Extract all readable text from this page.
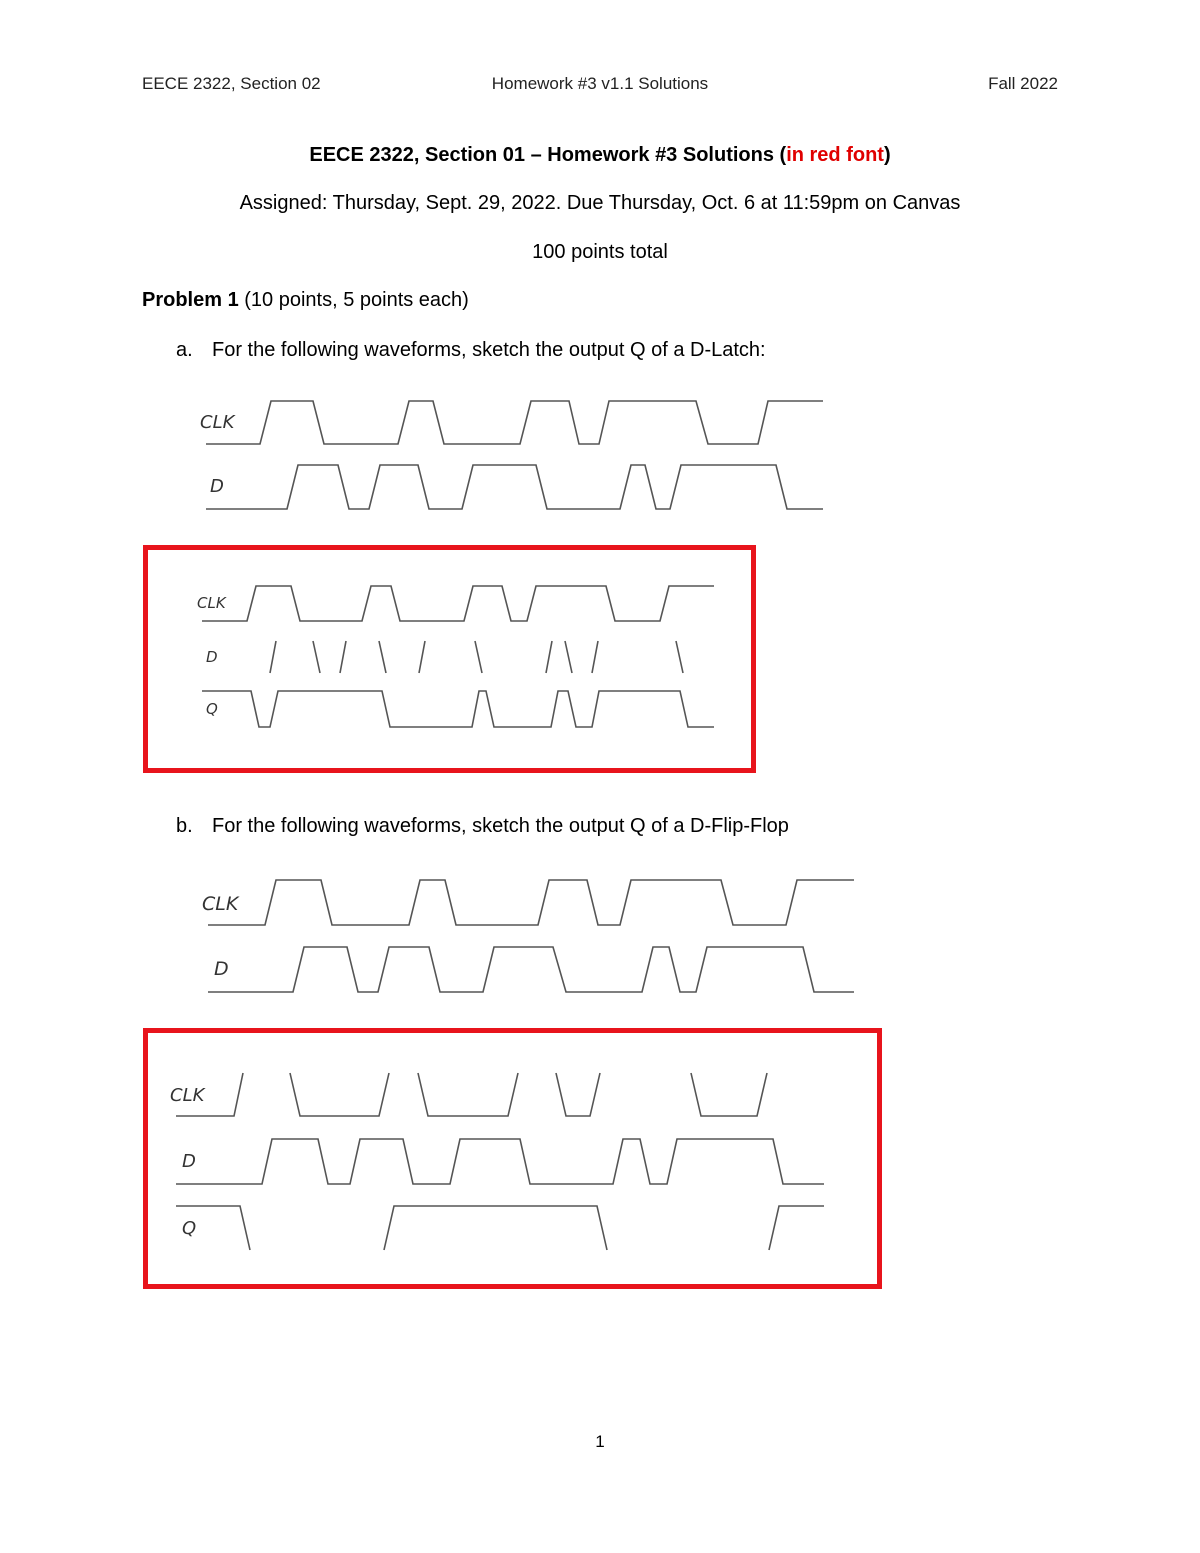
EECE 2322, Section 02	Homework #3 v1.1 Solutions	Fall 2022
EECE 2322, Section 01 – Homework #3 Solutions (in red font)
Assigned: Thursday, Sept. 29, 2022. Due Thursday, Oct. 6 at 11:59pm on Canvas
100 points total
Problem 1 (10 points, 5 points each)
a. For the following waveforms, sketch the output Q of a D-Latch:
b. For the following waveforms, sketch the output Q of a D-Flip-Flop
CLK
D
CLK
D
Q
CLK
D
CLK
D
Q
1
